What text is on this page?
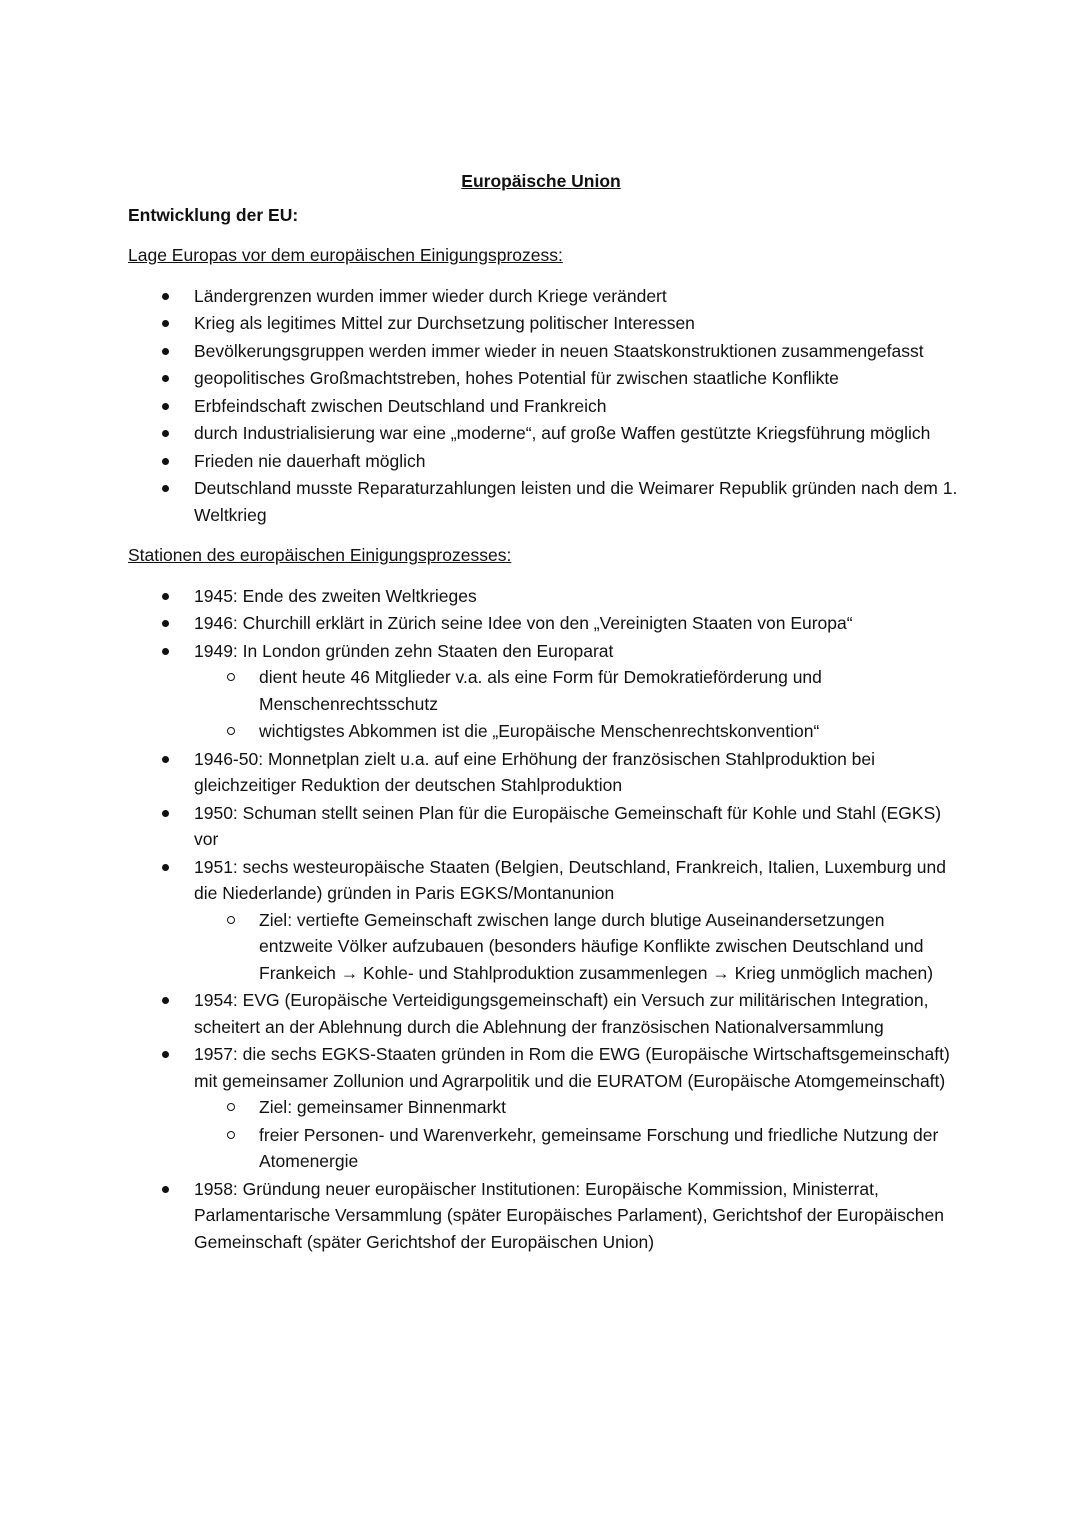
Europäische Union
Entwicklung der EU:
Lage Europas vor dem europäischen Einigungsprozess:
Ländergrenzen wurden immer wieder durch Kriege verändert
Krieg als legitimes Mittel zur Durchsetzung politischer Interessen
Bevölkerungsgruppen werden immer wieder in neuen Staatskonstruktionen zusammengefasst
geopolitisches Großmachtstreben, hohes Potential für zwischen staatliche Konflikte
Erbfeindschaft zwischen Deutschland und Frankreich
durch Industrialisierung war eine „moderne“, auf große Waffen gestützte Kriegsführung möglich
Frieden nie dauerhaft möglich
Deutschland musste Reparaturzahlungen leisten und die Weimarer Republik gründen nach dem 1. Weltkrieg
Stationen des europäischen Einigungsprozesses:
1945: Ende des zweiten Weltkrieges
1946: Churchill erklärt in Zürich seine Idee von den „Vereinigten Staaten von Europa“
1949: In London gründen zehn Staaten den Europarat
dient heute 46 Mitglieder v.a. als eine Form für Demokratieförderung und Menschenrechtsschutz
wichtigstes Abkommen ist die „Europäische Menschenrechtskonvention“
1946-50: Monnetplan zielt u.a. auf eine Erhöhung der französischen Stahlproduktion bei gleichzeitiger Reduktion der deutschen Stahlproduktion
1950: Schuman stellt seinen Plan für die Europäische Gemeinschaft für Kohle und Stahl (EGKS) vor
1951: sechs westeuropäische Staaten (Belgien, Deutschland, Frankreich, Italien, Luxemburg und die Niederlande) gründen in Paris EGKS/Montanunion
Ziel: vertiefte Gemeinschaft zwischen lange durch blutige Auseinandersetzungen entzweite Völker aufzubauen (besonders häufige Konflikte zwischen Deutschland und Frankeich → Kohle- und Stahlproduktion zusammenlegen → Krieg unmöglich machen)
1954: EVG (Europäische Verteidigungsgemeinschaft) ein Versuch zur militärischen Integration, scheitert an der Ablehnung durch die Ablehnung der französischen Nationalversammlung
1957: die sechs EGKS-Staaten gründen in Rom die EWG (Europäische Wirtschaftsgemeinschaft) mit gemeinsamer Zollunion und Agrarpolitik und die EURATOM (Europäische Atomgemeinschaft)
Ziel: gemeinsamer Binnenmarkt
freier Personen- und Warenverkehr, gemeinsame Forschung und friedliche Nutzung der Atomenergie
1958: Gründung neuer europäischer Institutionen: Europäische Kommission, Ministerrat, Parlamentarische Versammlung (später Europäisches Parlament), Gerichtshof der Europäischen Gemeinschaft (später Gerichtshof der Europäischen Union)
